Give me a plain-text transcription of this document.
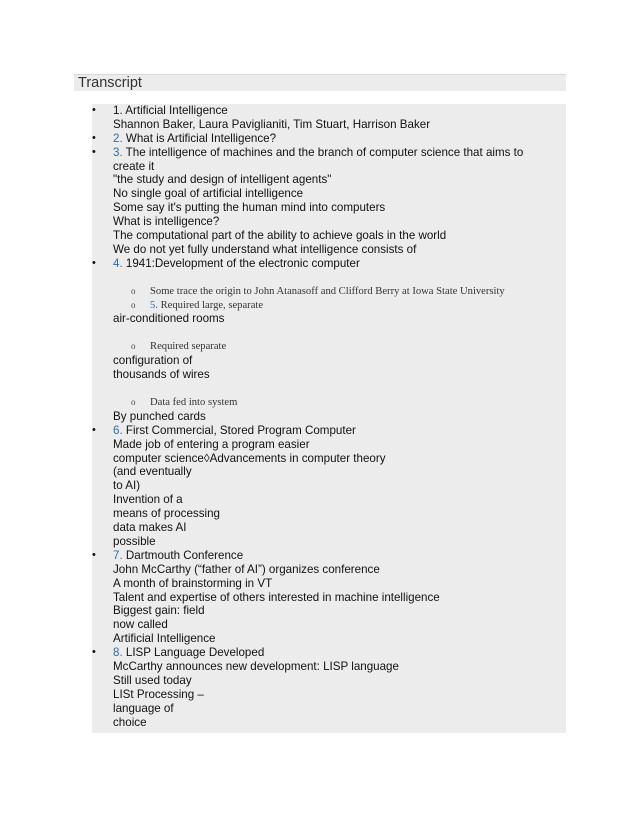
Transcript
• 1. Artificial Intelligence
Shannon Baker, Laura Paviglianiti, Tim Stuart, Harrison Baker
• 2. What is Artificial Intelligence?
• 3. The intelligence of machines and the branch of computer science that aims to
create it
"the study and design of intelligent agents"
No single goal of artificial intelligence
Some say it's putting the human mind into computers
What is intelligence?
The computational part of the ability to achieve goals in the world
We do not yet fully understand what intelligence consists of
• 4. 1941:Development of the electronic computer
o Some trace the origin to John Atanasoff and Clifford Berry at Iowa State University
o 5. Required large, separate
air-conditioned rooms
o Required separate
configuration of
thousands of wires
o Data fed into system
By punched cards
• 6. First Commercial, Stored Program Computer
Made job of entering a program easier
computer science◊Advancements in computer theory
(and eventually
to AI)
Invention of a
means of processing
data makes AI
possible
• 7. Dartmouth Conference
John McCarthy (“father of AI”) organizes conference
A month of brainstorming in VT
Talent and expertise of others interested in machine intelligence
Biggest gain: field
now called
Artificial Intelligence
• 8. LISP Language Developed
McCarthy announces new development: LISP language
Still used today
LISt Processing –
language of
choice
